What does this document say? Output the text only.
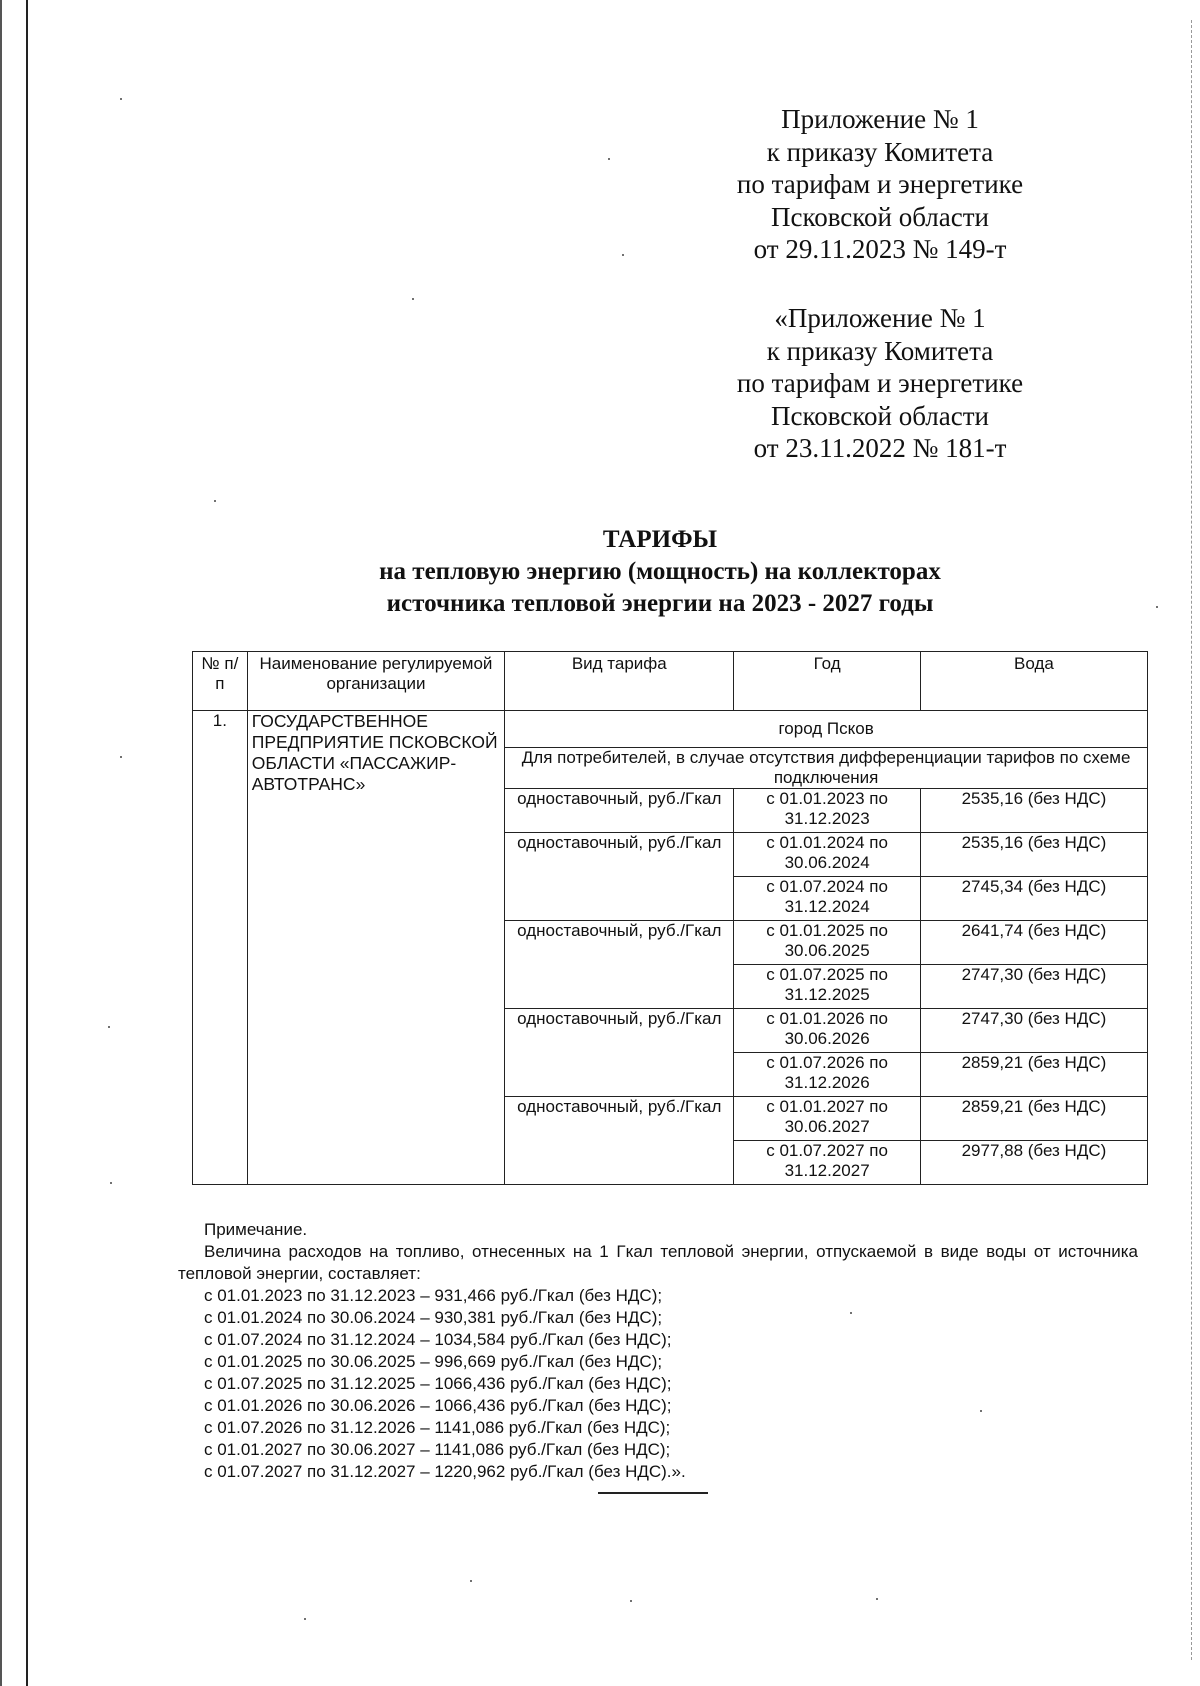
Приложение № 1
к приказу Комитета
по тарифам и энергетике
Псковской области
от 29.11.2023 № 149-т
«Приложение № 1
к приказу Комитета
по тарифам и энергетике
Псковской области
от 23.11.2022 № 181-т
ТАРИФЫ
на тепловую энергию (мощность) на коллекторах
источника тепловой энергии на 2023 - 2027 годы
№ п/п	Наименование регулируемой организации	Вид тарифа	Год	Вода
1.	ГОСУДАРСТВЕННОЕ ПРЕДПРИЯТИЕ ПСКОВСКОЙ ОБЛАСТИ «ПАССАЖИР-АВТОТРАНС»	город Псков		
		Для потребителей, в случае отсутствия дифференциации тарифов по схеме подключения		
		одноставочный, руб./Гкал	с 01.01.2023 по 31.12.2023	2535,16 (без НДС)
		одноставочный, руб./Гкал	с 01.01.2024 по 30.06.2024	2535,16 (без НДС)
			с 01.07.2024 по 31.12.2024	2745,34 (без НДС)
		одноставочный, руб./Гкал	с 01.01.2025 по 30.06.2025	2641,74 (без НДС)
			с 01.07.2025 по 31.12.2025	2747,30 (без НДС)
		одноставочный, руб./Гкал	с 01.01.2026 по 30.06.2026	2747,30 (без НДС)
			с 01.07.2026 по 31.12.2026	2859,21 (без НДС)
		одноставочный, руб./Гкал	с 01.01.2027 по 30.06.2027	2859,21 (без НДС)
			с 01.07.2027 по 31.12.2027	2977,88 (без НДС)
Примечание.
Величина расходов на топливо, отнесенных на 1 Гкал тепловой энергии, отпускаемой в виде воды от источника тепловой энергии, составляет:
с 01.01.2023 по 31.12.2023 – 931,466 руб./Гкал (без НДС);
с 01.01.2024 по 30.06.2024 – 930,381 руб./Гкал (без НДС);
с 01.07.2024 по 31.12.2024 – 1034,584 руб./Гкал (без НДС);
с 01.01.2025 по 30.06.2025 – 996,669 руб./Гкал (без НДС);
с 01.07.2025 по 31.12.2025 – 1066,436 руб./Гкал (без НДС);
с 01.01.2026 по 30.06.2026 – 1066,436 руб./Гкал (без НДС);
с 01.07.2026 по 31.12.2026 – 1141,086 руб./Гкал (без НДС);
с 01.01.2027 по 30.06.2027 – 1141,086 руб./Гкал (без НДС);
с 01.07.2027 по 31.12.2027 – 1220,962 руб./Гкал (без НДС).».
